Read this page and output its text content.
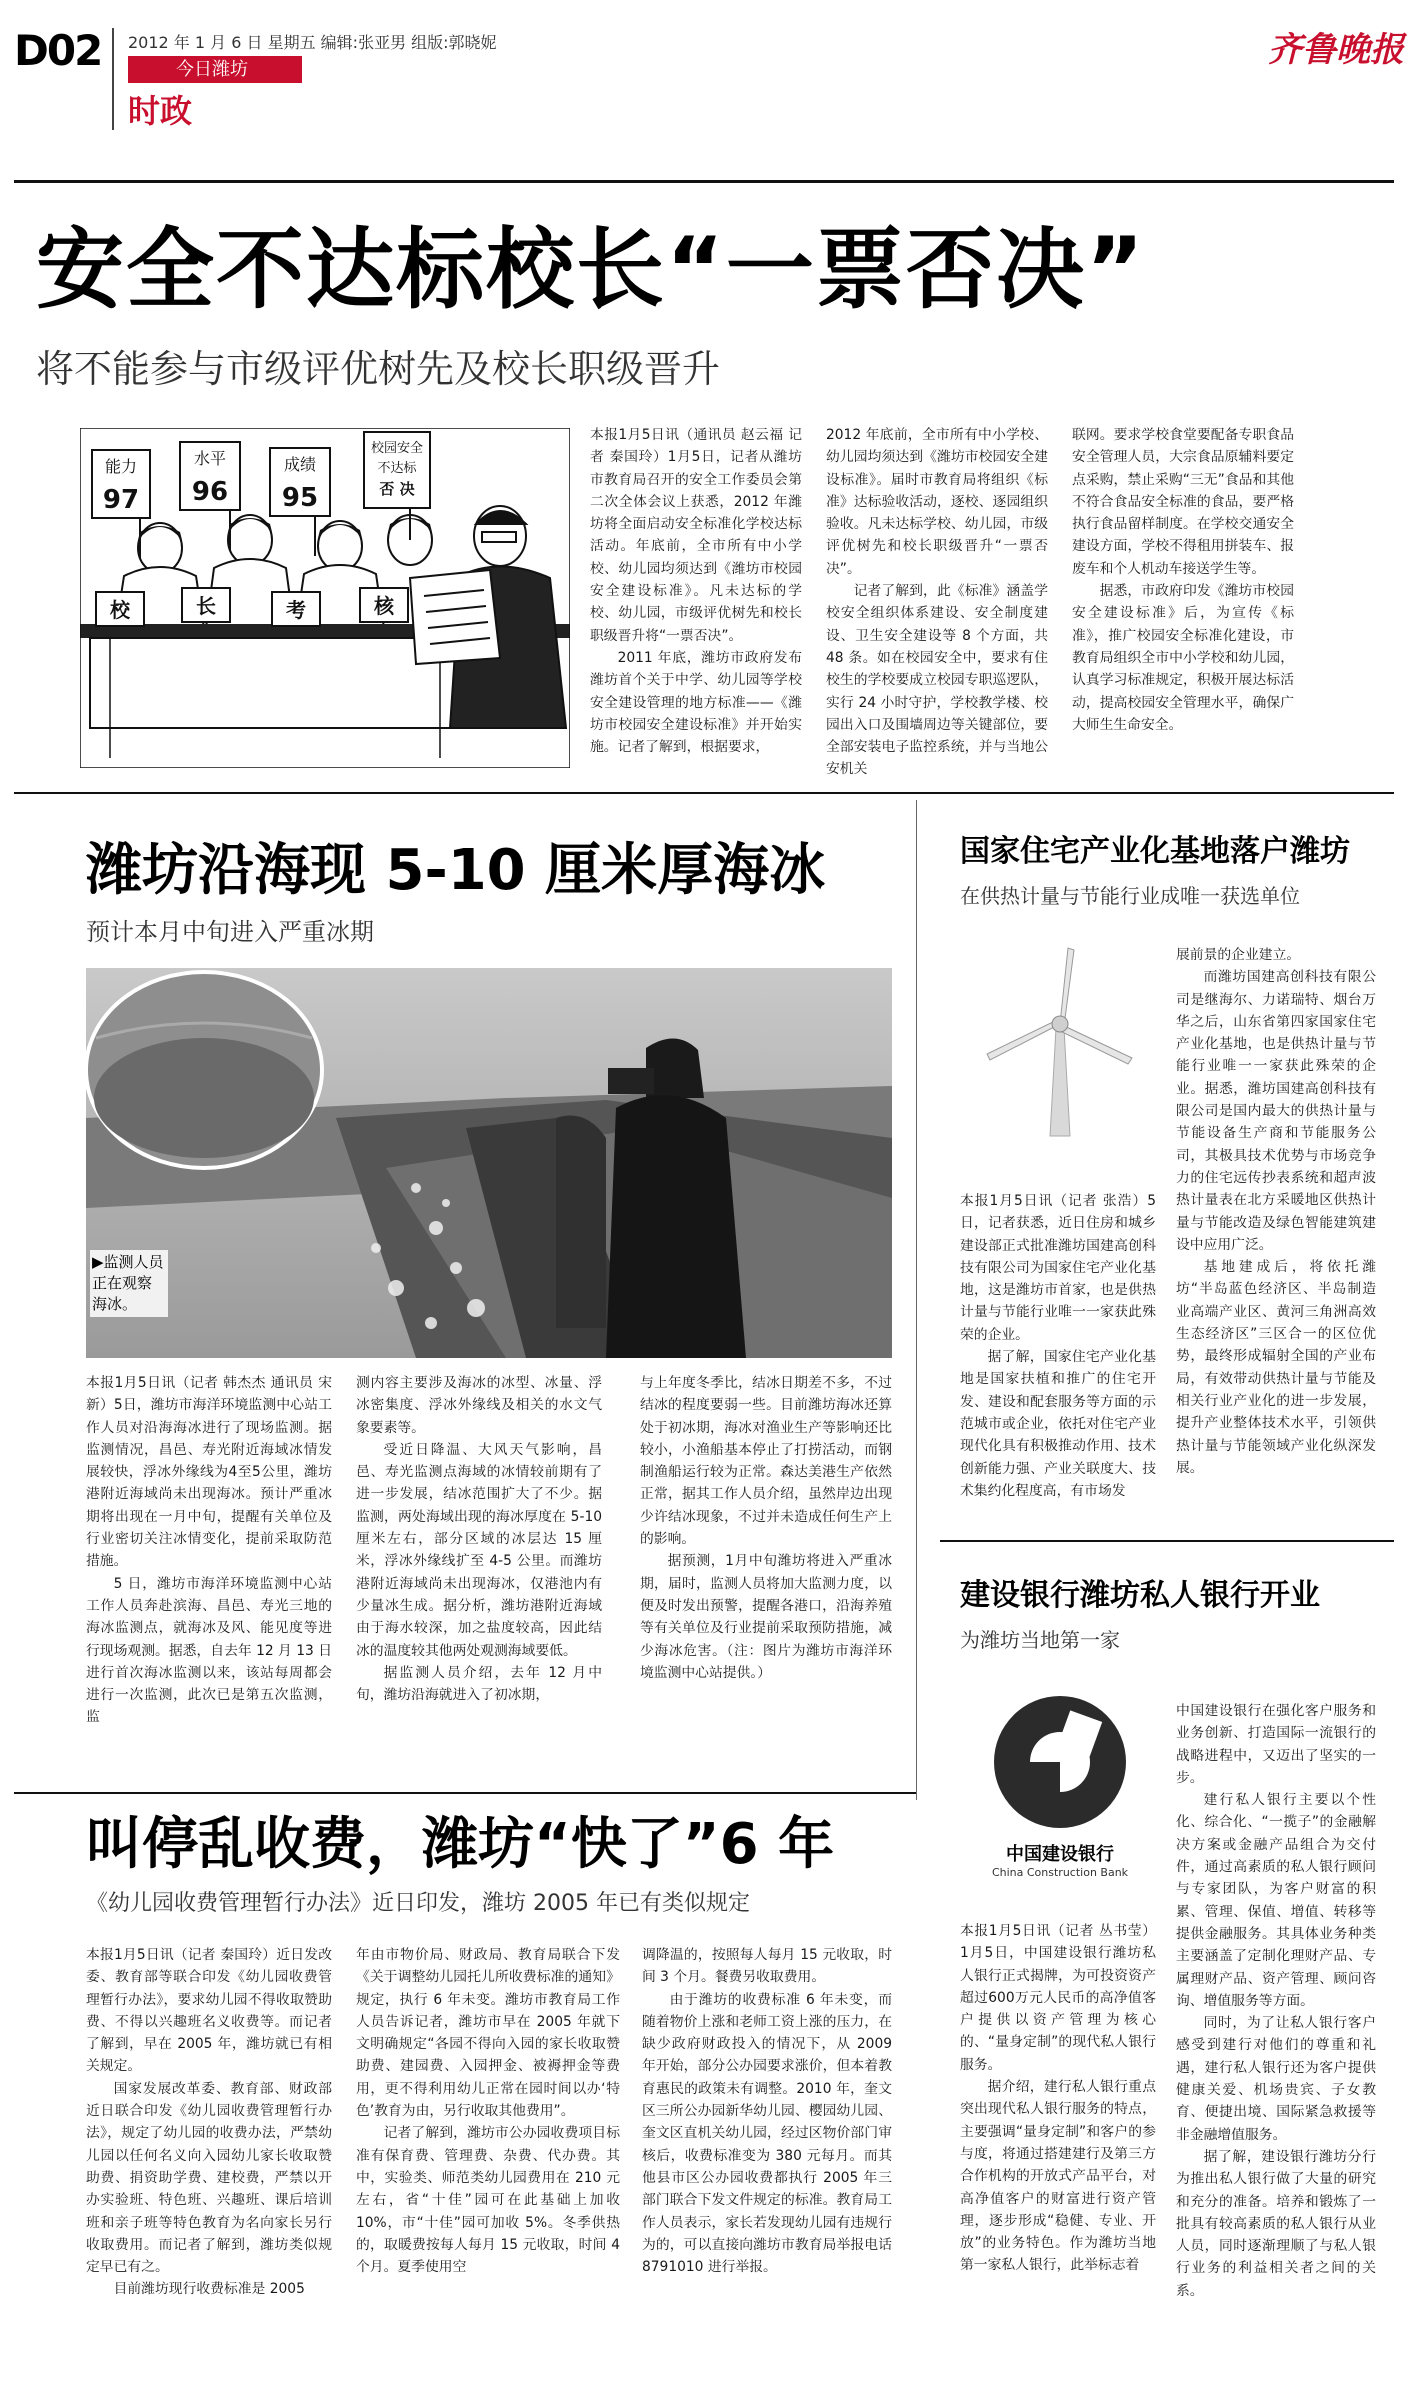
D02 2012 年 1 月 6 日 星期五 编辑:张亚男 组版:郭晓妮
今日潍坊
时政
齐鲁晚报
安全不达标校长“一票否决”
将不能参与市级评优树先及校长职级晋升
能力
97
水平
96
成绩
95
校园安全
不达标
否 决
校	长	考	核

本报1月5日讯（通讯员 赵云福 记者 秦国玲）1月5日，记者从潍坊市教育局召开的安全工作委员会第二次全体会议上获悉，2012 年潍坊将全面启动安全标准化学校达标活动。年底前，全市所有中小学校、幼儿园均须达到《潍坊市校园安全建设标准》。凡未达标的学校、幼儿园，市级评优树先和校长职级晋升将“一票否决”。

2011 年底，潍坊市政府发布潍坊首个关于中学、幼儿园等学校安全建设管理的地方标准——《潍坊市校园安全建设标准》并开始实施。记者了解到，根据要求，

2012 年底前，全市所有中小学校、幼儿园均须达到《潍坊市校园安全建设标准》。届时市教育局将组织《标准》达标验收活动，逐校、逐园组织验收。凡未达标学校、幼儿园，市级评优树先和校长职级晋升“一票否决”。

记者了解到，此《标准》涵盖学校安全组织体系建设、安全制度建设、卫生安全建设等 8 个方面，共 48 条。如在校园安全中，要求有住校生的学校要成立校园专职巡逻队，实行 24 小时守护，学校教学楼、校园出入口及围墙周边等关键部位，要全部安装电子监控系统，并与当地公安机关

联网。要求学校食堂要配备专职食品安全管理人员，大宗食品原辅料要定点采购，禁止采购“三无”食品和其他不符合食品安全标准的食品，要严格执行食品留样制度。在学校交通安全建设方面，学校不得租用拼装车、报废车和个人机动车接送学生等。

据悉，市政府印发《潍坊市校园安全建设标准》后，为宣传《标准》，推广校园安全标准化建设，市教育局组织全市中小学校和幼儿园，认真学习标准规定，积极开展达标活动，提高校园安全管理水平，确保广大师生生命安全。

潍坊沿海现 5-10 厘米厚海冰
预计本月中旬进入严重冰期
▶监测人员正在观察海冰。

本报1月5日讯（记者 韩杰杰 通讯员 宋新）5日，潍坊市海洋环境监测中心站工作人员对沿海海冰进行了现场监测。据监测情况，昌邑、寿光附近海域冰情发展较快，浮冰外缘线为4至5公里，潍坊港附近海域尚未出现海冰。预计严重冰期将出现在一月中旬，提醒有关单位及行业密切关注冰情变化，提前采取防范措施。

5 日，潍坊市海洋环境监测中心站工作人员奔赴滨海、昌邑、寿光三地的海冰监测点，就海冰及风、能见度等进行现场观测。据悉，自去年 12 月 13 日进行首次海冰监测以来，该站每周都会进行一次监测，此次已是第五次监测，监

测内容主要涉及海冰的冰型、冰量、浮冰密集度、浮冰外缘线及相关的水文气象要素等。

受近日降温、大风天气影响，昌邑、寿光监测点海域的冰情较前期有了进一步发展，结冰范围扩大了不少。据监测，两处海域出现的海冰厚度在 5-10 厘米左右，部分区域的冰层达 15 厘米，浮冰外缘线扩至 4-5 公里。而潍坊港附近海域尚未出现海冰，仅港池内有少量冰生成。据分析，潍坊港附近海域由于海水较深，加之盐度较高，因此结冰的温度较其他两处观测海域要低。

据监测人员介绍，去年 12 月中旬，潍坊沿海就进入了初冰期，

与上年度冬季比，结冰日期差不多，不过结冰的程度要弱一些。目前潍坊海冰还算处于初冰期，海冰对渔业生产等影响还比较小，小渔船基本停止了打捞活动，而钢制渔船运行较为正常。森达美港生产依然正常，据其工作人员介绍，虽然岸边出现少许结冰现象，不过并未造成任何生产上的影响。

据预测，1月中旬潍坊将进入严重冰期，届时，监测人员将加大监测力度，以便及时发出预警，提醒各港口，沿海养殖等有关单位及行业提前采取预防措施，减少海冰危害。（注：图片为潍坊市海洋环境监测中心站提供。）

国家住宅产业化基地落户潍坊
在供热计量与节能行业成唯一获选单位

本报1月5日讯（记者 张浩）5日，记者获悉，近日住房和城乡建设部正式批准潍坊国建高创科技有限公司为国家住宅产业化基地，这是潍坊市首家，也是供热计量与节能行业唯一一家获此殊荣的企业。

据了解，国家住宅产业化基地是国家扶植和推广的住宅开发、建设和配套服务等方面的示范城市或企业，依托对住宅产业现代化具有积极推动作用、技术创新能力强、产业关联度大、技术集约化程度高，有市场发

展前景的企业建立。

而潍坊国建高创科技有限公司是继海尔、力诺瑞特、烟台万华之后，山东省第四家国家住宅产业化基地，也是供热计量与节能行业唯一一家获此殊荣的企业。据悉，潍坊国建高创科技有限公司是国内最大的供热计量与节能设备生产商和节能服务公司，其极具技术优势与市场竞争力的住宅远传抄表系统和超声波热计量表在北方采暖地区供热计量与节能改造及绿色智能建筑建设中应用广泛。

基地建成后，将依托潍坊“半岛蓝色经济区、半岛制造业高端产业区、黄河三角洲高效生态经济区”三区合一的区位优势，最终形成辐射全国的产业布局，有效带动供热计量与节能及相关行业产业化的进一步发展，提升产业整体技术水平，引领供热计量与节能领域产业化纵深发展。

建设银行潍坊私人银行开业
为潍坊当地第一家
中国建设银行
China Construction Bank

本报1月5日讯（记者 丛书莹）1月5日，中国建设银行潍坊私人银行正式揭牌，为可投资资产超过600万元人民币的高净值客户提供以资产管理为核心的、“量身定制”的现代私人银行服务。

据介绍，建行私人银行重点突出现代私人银行服务的特点，主要强调“量身定制”和客户的参与度，将通过搭建建行及第三方合作机构的开放式产品平台，对高净值客户的财富进行资产管理，逐步形成“稳健、专业、开放”的业务特色。作为潍坊当地第一家私人银行，此举标志着

中国建设银行在强化客户服务和业务创新、打造国际一流银行的战略进程中，又迈出了坚实的一步。

建行私人银行主要以个性化、综合化、“一揽子”的金融解决方案或金融产品组合为交付件，通过高素质的私人银行顾问与专家团队，为客户财富的积累、管理、保值、增值、转移等提供金融服务。其具体业务种类主要涵盖了定制化理财产品、专属理财产品、资产管理、顾问咨询、增值服务等方面。

同时，为了让私人银行客户感受到建行对他们的尊重和礼遇，建行私人银行还为客户提供健康关爱、机场贵宾、子女教育、便捷出境、国际紧急救援等非金融增值服务。

据了解，建设银行潍坊分行为推出私人银行做了大量的研究和充分的准备。培养和锻炼了一批具有较高素质的私人银行从业人员，同时逐渐理顺了与私人银行业务的利益相关者之间的关系。

叫停乱收费，潍坊“快了”6 年
《幼儿园收费管理暂行办法》近日印发，潍坊 2005 年已有类似规定

本报1月5日讯（记者 秦国玲）近日发改委、教育部等联合印发《幼儿园收费管理暂行办法》，要求幼儿园不得收取赞助费、不得以兴趣班名义收费等。而记者了解到，早在 2005 年，潍坊就已有相关规定。

国家发展改革委、教育部、财政部近日联合印发《幼儿园收费管理暂行办法》，规定了幼儿园的收费办法，严禁幼儿园以任何名义向入园幼儿家长收取赞助费、捐资助学费、建校费，严禁以开办实验班、特色班、兴趣班、课后培训班和亲子班等特色教育为名向家长另行收取费用。而记者了解到，潍坊类似规定早已有之。

目前潍坊现行收费标准是 2005

年由市物价局、财政局、教育局联合下发《关于调整幼儿园托儿所收费标准的通知》规定，执行 6 年未变。潍坊市教育局工作人员告诉记者，潍坊市早在 2005 年就下文明确规定“各园不得向入园的家长收取赞助费、建园费、入园押金、被褥押金等费用，更不得利用幼儿正常在园时间以办‘特色’教育为由，另行收取其他费用”。

记者了解到，潍坊市公办园收费项目标准有保育费、管理费、杂费、代办费。其中，实验类、师范类幼儿园费用在 210 元左右，省“十佳”园可在此基础上加收 10%，市“十佳”园可加收 5%。冬季供热的，取暖费按每人每月 15 元收取，时间 4 个月。夏季使用空

调降温的，按照每人每月 15 元收取，时间 3 个月。餐费另收取费用。

由于潍坊的收费标准 6 年未变，而随着物价上涨和老师工资上涨的压力，在缺少政府财政投入的情况下，从 2009 年开始，部分公办园要求涨价，但本着教育惠民的政策未有调整。2010 年，奎文区三所公办园新华幼儿园、樱园幼儿园、奎文区直机关幼儿园，经过区物价部门审核后，收费标准变为 380 元每月。而其他县市区公办园收费都执行 2005 年三部门联合下发文件规定的标准。教育局工作人员表示，家长若发现幼儿园有违规行为的，可以直接向潍坊市教育局举报电话 8791010 进行举报。
